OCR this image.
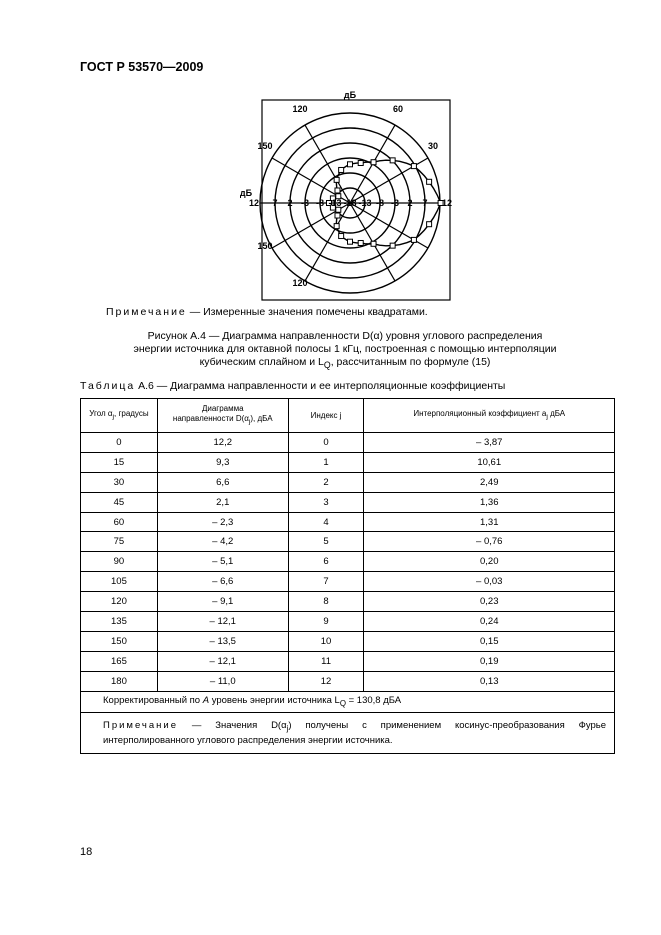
ГОСТ Р 53570—2009
12 7 2 -3 -8 -13 -18 -13 -8 -3 2 7 12
дБ
дБ
120	60
150	30
150
120
Примечание — Измеренные значения помечены квадратами.
Рисунок А.4 — Диаграмма направленности D(α) уровня углового распределения
энергии источника для октавной полосы 1 кГц, построенная с помощью интерполяции
кубическим сплайном и $L_Q$, рассчитанным по формуле (15)
Таблица А.6 — Диаграмма направленности и ее интерполяционные коэффициенты
Угол $\alpha_j$, градусы	Диаграмма
направленности $D(\alpha_j)$, дБА	Индекс j	Интерполяционный коэффициент $a_j$ дБА
0	12,2	0	– 3,87
15	9,3	1	10,61
30	6,6	2	2,49
45	2,1	3	1,36
60	– 2,3	4	1,31
75	– 4,2	5	– 0,76
90	– 5,1	6	0,20
105	– 6,6	7	– 0,03
120	– 9,1	8	0,23
135	– 12,1	9	0,24
150	– 13,5	10	0,15
165	– 12,1	11	0,19
180	– 11,0	12	0,13
Корректированный по A уровень энергии источника $L_Q = 130,8$ дБА			
Примечание — Значения $D(\alpha_j)$ получены с применением косинус-преобразования Фурье интерполированного углового распределения энергии источника.			
18
